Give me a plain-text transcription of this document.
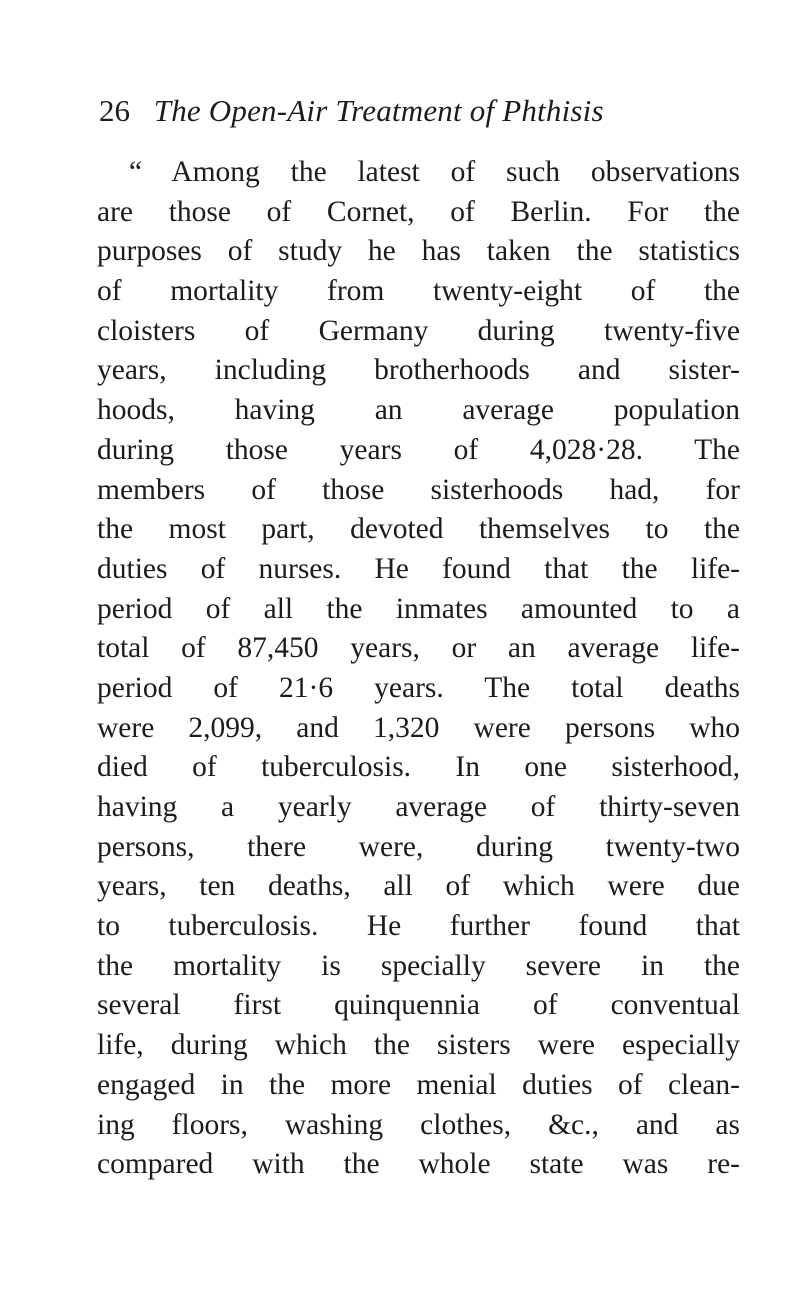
26 The Open-Air Treatment of Phthisis
“ Among the latest of such observations
are those of Cornet, of Berlin. For the
purposes of study he has taken the statistics
of mortality from twenty-eight of the
cloisters of Germany during twenty-five
years, including brotherhoods and sister-
hoods, having an average population
during those years of 4,028·28. The
members of those sisterhoods had, for
the most part, devoted themselves to the
duties of nurses. He found that the life-
period of all the inmates amounted to a
total of 87,450 years, or an average life-
period of 21·6 years. The total deaths
were 2,099, and 1,320 were persons who
died of tuberculosis. In one sisterhood,
having a yearly average of thirty-seven
persons, there were, during twenty-two
years, ten deaths, all of which were due
to tuberculosis. He further found that
the mortality is specially severe in the
several first quinquennia of conventual
life, during which the sisters were especially
engaged in the more menial duties of clean-
ing floors, washing clothes, &c., and as
compared with the whole state was re-
